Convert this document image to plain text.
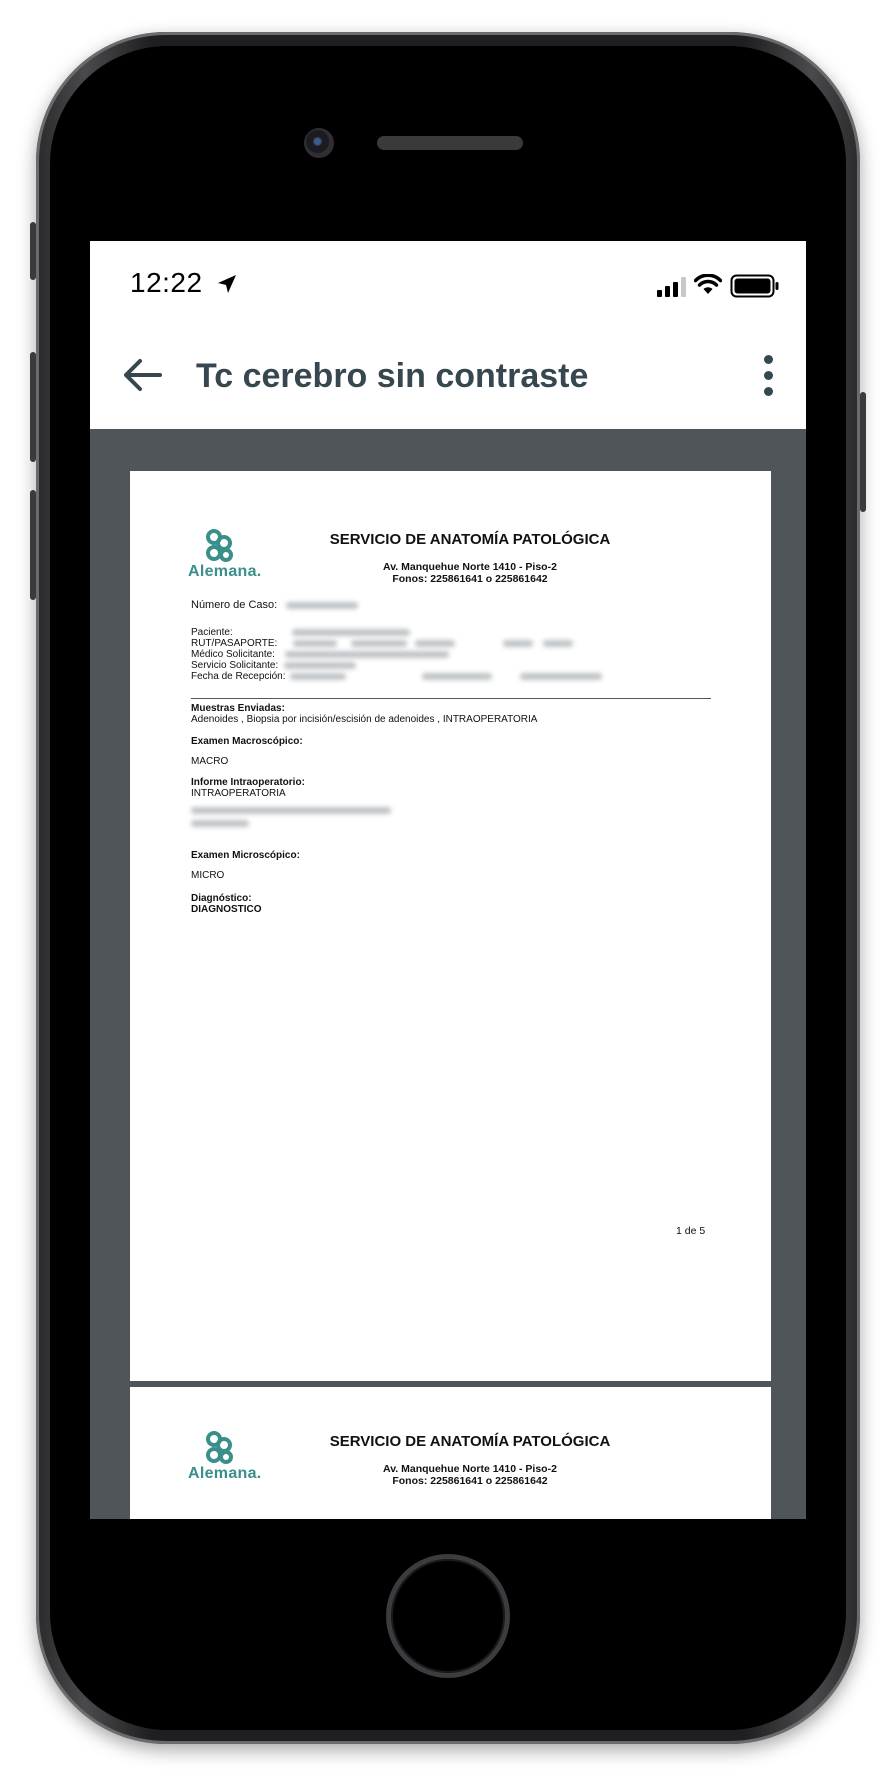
12:22
Tc cerebro sin contraste
Alemana.
SERVICIO DE ANATOMÍA PATOLÓGICA
Av. Manquehue Norte 1410 - Piso-2
Fonos: 225861641 o 225861642
Número de Caso:
Paciente:
RUT/PASAPORTE:
Médico Solicitante:
Servicio Solicitante:
Fecha de Recepción:
Muestras Enviadas:
Adenoides , Biopsia por incisión/escisión de adenoides , INTRAOPERATORIA
Examen Macroscópico:
MACRO
Informe Intraoperatorio:
INTRAOPERATORIA
Examen Microscópico:
MICRO
Diagnóstico:
DIAGNOSTICO
1 de 5
Alemana.
SERVICIO DE ANATOMÍA PATOLÓGICA
Av. Manquehue Norte 1410 - Piso-2
Fonos: 225861641 o 225861642
